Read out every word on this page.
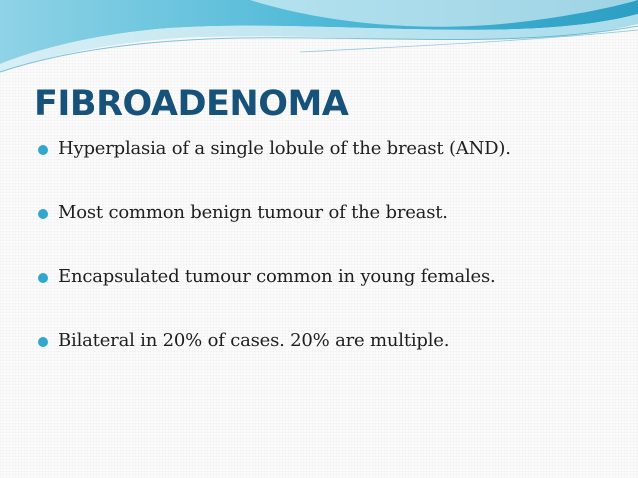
FIBROADENOMA
Hyperplasia of a single lobule of the breast (AND).
Most common benign tumour of the breast.
Encapsulated tumour common in young females.
Bilateral in 20% of cases. 20% are multiple.
